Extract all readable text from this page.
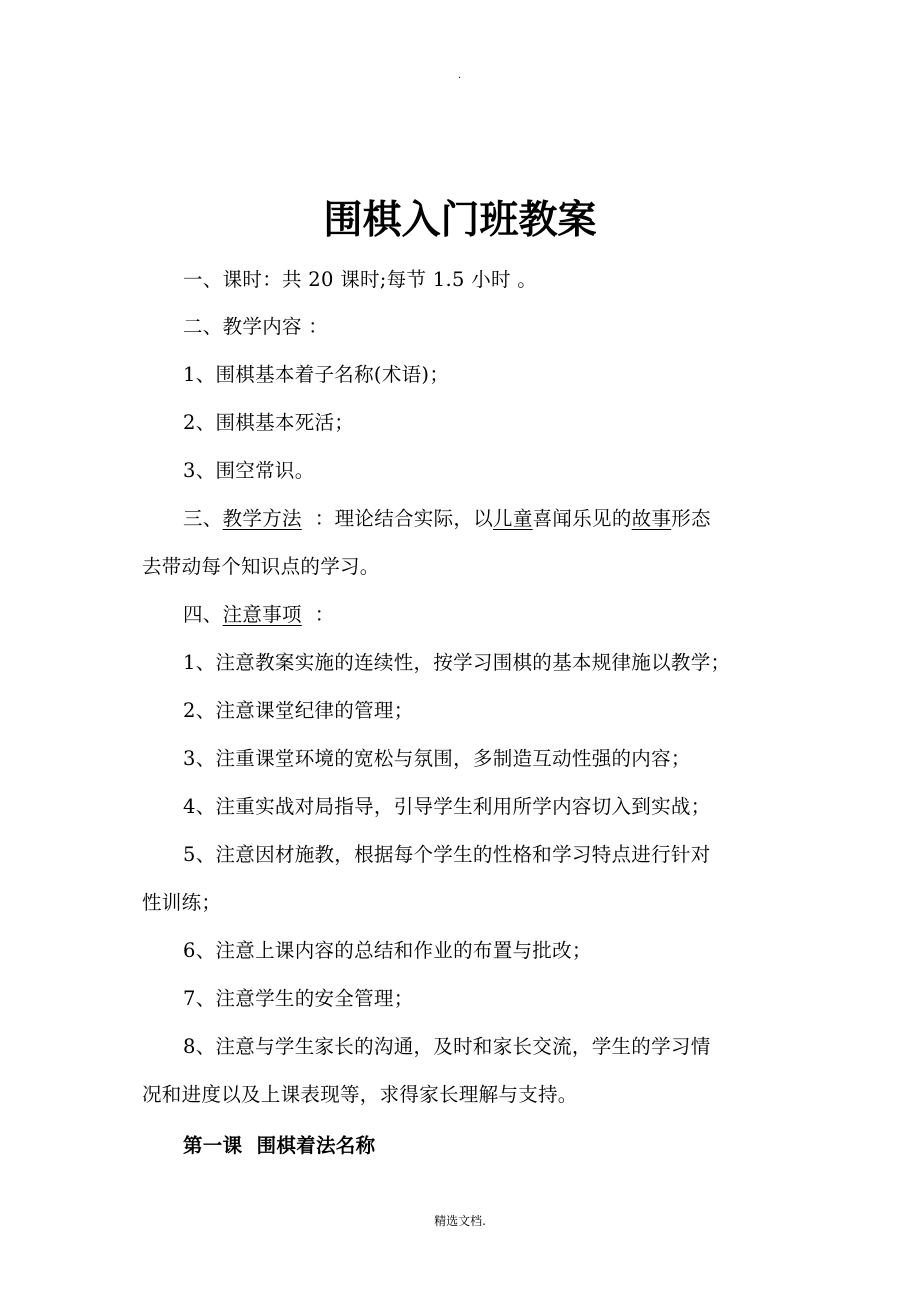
.
围棋入门班教案
一、课时：共 20 课时;每节 1.5 小时 。
二、教学内容 ：
1、围棋基本着子名称(术语)；
2、围棋基本死活；
3、围空常识。
三、教学方法  ：理论结合实际，以儿童喜闻乐见的故事形态
去带动每个知识点的学习。
四、注意事项  ：
1、注意教案实施的连续性，按学习围棋的基本规律施以教学；
2、注意课堂纪律的管理；
3、注重课堂环境的宽松与氛围，多制造互动性强的内容；
4、注重实战对局指导，引导学生利用所学内容切入到实战；
5、注意因材施教，根据每个学生的性格和学习特点进行针对
性训练；
6、注意上课内容的总结和作业的布置与批改；
7、注意学生的安全管理；
8、注意与学生家长的沟通，及时和家长交流，学生的学习情
况和进度以及上课表现等，求得家长理解与支持。
第一课  围棋着法名称
精选文档.
